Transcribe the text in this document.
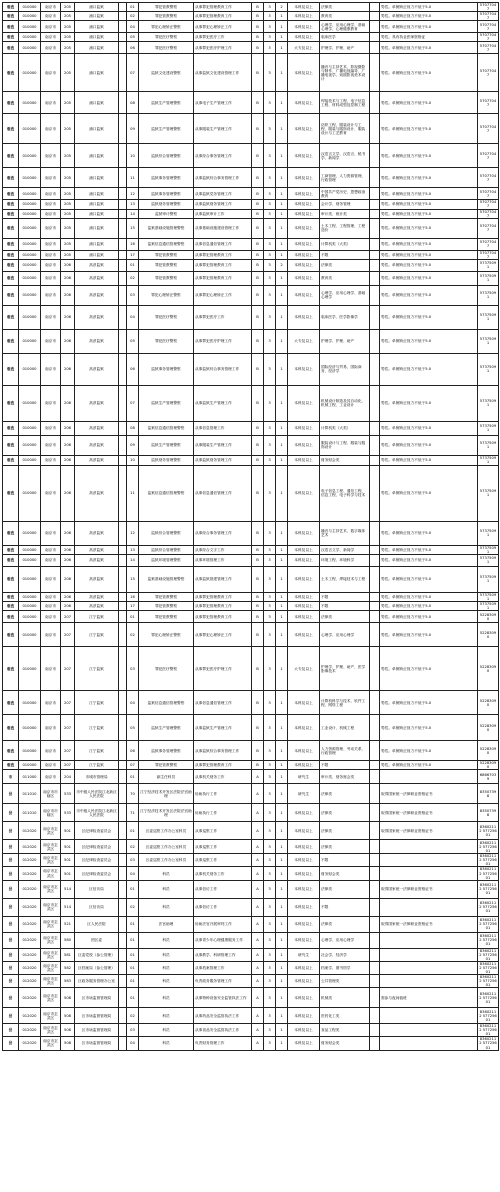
垂直	010000	南京市	205	浦口监狱		01	罪犯管教警察	从事罪犯管理教育工作	B	3	2	本科及以上	法律类		男性。单侧矫正视力不低于5.0	57077047
垂直	010000	南京市	205	浦口监狱		02	罪犯管教警察	从事罪犯管理教育工作	B	3	1	本科及以上	教育类		男性。单侧矫正视力不低于5.0	57077047
垂直	010000	南京市	205	浦口监狱		04	罪犯心理矫正警察	从事罪犯心理矫正工作	B	3	1	本科及以上	心理学、应用心理学、基础心理学、心理健康教育		男性。单侧矫正视力不低于5.0	57077047
垂直	010000	南京市	205	浦口监狱		05	罪犯医疗警察	从事罪犯医疗工作	B	3	1	本科及以上	临床医学		男性。具有执业医师资格证	57077047
垂直	010000	南京市	205	浦口监狱		06	罪犯医疗警察	从事罪犯医疗护理工作	B	3	1	大专及以上	护理学、护理、助产		男性。单侧矫正视力不低于5.0	57077047
垂直	010000	南京市	205	浦口监狱		07	监狱文化建设警察	从事监狱文化建设管理工作	B	3	1	本科及以上	播音与主持艺术、影视摄影与制作、广播电视编导、广播电视学、戏剧影视美术设计		男性。单侧矫正视力不低于5.0	57077047
垂直	010000	南京市	205	浦口监狱		08	监狱生产管理警察	从事电子生产管理工作	B	3	1	本科及以上	焊接技术与工程、电子信息工程、材料成型及控制工程		男性。单侧矫正视力不低于5.0	57077047
垂直	010000	南京市	205	浦口监狱		09	监狱生产管理警察	从事服装生产管理工作	B	3	1	本科及以上	纺织工程、服装设计与工程、服装与服饰设计、服装设计与工艺教育		男性。单侧矫正视力不低于5.0	57077047
垂直	010000	南京市	205	浦口监狱		10	监狱综合管理警察	从事综合事务管理工作	B	3	1	本科及以上	汉语言文学、汉语言、秘书学、新闻学		男性。单侧矫正视力不低于5.0	57077047
垂直	010000	南京市	205	浦口监狱		11	监狱事务管理警察	从事监狱综合事务管理工作	B	3	1	本科及以上	工商管理、人力资源管理、行政管理		男性。单侧矫正视力不低于5.0	57077047
垂直	010000	南京市	205	浦口监狱		12	监狱事务管理警察	从事监狱党务管理工作	B	3	1	本科及以上	中国共产党历史、思想政治教育		男性。单侧矫正视力不低于5.0	57077047
垂直	010000	南京市	205	浦口监狱		13	监狱财务管理警察	从事监狱财务管理工作	B	3	1	本科及以上	会计学、财务管理		男性。单侧矫正视力不低于5.0	57077047
垂直	010000	南京市	205	浦口监狱		14	监狱审计警察	从事监狱审计工作	B	3	1	本科及以上	审计类、统计类		男性。单侧矫正视力不低于5.0	57077047
垂直	010000	南京市	205	浦口监狱		15	监狱基础设施管理警察	从事基础设施建设管理工作	B	3	1	本科及以上	土木工程、工程管理、工程造价		男性。单侧矫正视力不低于5.0	57077047
垂直	010000	南京市	205	浦口监狱		16	监狱信息通信管理警察	从事信息通信管理工作	B	3	1	本科及以上	计算机类（大类）		男性。单侧矫正视力不低于5.0	57077047
垂直	010000	南京市	205	浦口监狱		17	罪犯管教警察	从事罪犯管理教育工作	B	3	1	本科及以上	不限		男性。单侧矫正视力不低于5.0	57077047
垂直	010000	南京市	206	高淳监狱		01	罪犯管教警察	从事罪犯管理教育工作	B	3	2	本科及以上	法律类		男性。单侧矫正视力不低于5.0	57375091
垂直	010000	南京市	206	高淳监狱		02	罪犯管教警察	从事罪犯管理教育工作	B	3	1	本科及以上	教育类		男性。单侧矫正视力不低于5.0	57375091
垂直	010000	南京市	206	高淳监狱		03	罪犯心理矫正警察	从事罪犯心理矫正工作	B	3	1	本科及以上	心理学、应用心理学、基础心理学		男性。单侧矫正视力不低于5.0	57375091
垂直	010000	南京市	206	高淳监狱		04	罪犯医疗警察	从事罪犯医疗工作	B	3	1	本科及以上	临床医学、医学影像学		男性。单侧矫正视力不低于5.0	57375091
垂直	010000	南京市	206	高淳监狱		05	罪犯医疗警察	从事罪犯医疗护理工作	B	3	1	大专及以上	护理学、护理、助产		男性。单侧矫正视力不低于5.0	57375091
垂直	010000	南京市	206	高淳监狱		06	监狱事务管理警察	从事监狱综合事务管理工作	B	3	1	本科及以上	国际经济与贸易、国际商务、经济学		男性。单侧矫正视力不低于5.0	57375091
垂直	010000	南京市	206	高淳监狱		07	监狱生产管理警察	从事监狱生产管理工作	B	3	1	本科及以上	机械设计制造及其自动化、机械工程、工业设计		男性。单侧矫正视力不低于5.0	57375091
垂直	010000	南京市	206	高淳监狱		08	监狱信息通信管理警察	从事信息管理工作	B	3	1	本科及以上	计算机类（大类）		男性。单侧矫正视力不低于5.0	57375091
垂直	010000	南京市	206	高淳监狱		09	监狱生产管理警察	从事服装生产管理工作	B	3	1	本科及以上	服装设计与工程、服装与服饰设计		男性。单侧矫正视力不低于5.0	57375091
垂直	010000	南京市	206	高淳监狱		10	监狱财务管理警察	从事监狱财务管理工作	B	3	1	本科及以上	财务财会类		男性。单侧矫正视力不低于5.0	57375091
垂直	010000	南京市	206	高淳监狱		11	监狱信息通信管理警察	从事信息通信管理工作	B	3	1	本科及以上	电子信息工程、通信工程、信息工程、电子科学与技术		男性。单侧矫正视力不低于5.0	57375091
垂直	010000	南京市	206	高淳监狱		12	监狱综合管理警察	从事综合事务管理工作	B	3	1	本科及以上	播音与主持艺术、数字媒体艺术		男性。单侧矫正视力不低于5.0	57375091
垂直	010000	南京市	206	高淳监狱		13	监狱综合管理警察	从事综合文字工作	B	3	1	本科及以上	汉语言文学、新闻学		男性。单侧矫正视力不低于5.0	57375091
垂直	010000	南京市	206	高淳监狱		14	监狱环境管理警察	从事环境管理工作	B	3	1	本科及以上	环境工程、环境科学		男性。单侧矫正视力不低于5.0	57375091
垂直	010000	南京市	206	高淳监狱		15	监狱基础设施管理警察	从事监狱基建管理工作	B	3	1	本科及以上	土木工程、焊接技术与工程		男性。单侧矫正视力不低于5.0	57375091
垂直	010000	南京市	206	高淳监狱		16	罪犯管教警察	从事罪犯管理教育工作	B	3	1	本科及以上	不限		男性。单侧矫正视力不低于5.0	57375091
垂直	010000	南京市	206	高淳监狱		17	罪犯管教警察	从事罪犯管理教育工作	B	3	1	本科及以上	不限		男性。单侧矫正视力不低于5.0	57375091
垂直	010000	南京市	207	江宁监狱		01	罪犯管教警察	从事罪犯管理教育工作	B	3	1	本科及以上	法律类		男性。单侧矫正视力不低于5.0	52283090
垂直	010000	南京市	207	江宁监狱		02	罪犯心理矫正警察	从事罪犯心理矫正工作	B	3	1	本科及以上	心理学、应用心理学		男性。单侧矫正视力不低于5.0	52283090
垂直	010000	南京市	207	江宁监狱		03	罪犯医疗警察	从事罪犯医疗护理工作	B	3	1	大专及以上	护理学、护理、助产、医学影像技术		男性。单侧矫正视力不低于5.0	52283090
垂直	010000	南京市	207	江宁监狱		04	监狱信息通信管理警察	从事信息通信管理工作	B	3	1	本科及以上	计算机科学与技术、软件工程、网络工程		男性。单侧矫正视力不低于5.0	52283090
垂直	010000	南京市	207	江宁监狱		05	监狱生产管理警察	从事监狱生产管理工作	B	3	1	本科及以上	工业设计、机械工程		男性。单侧矫正视力不低于5.0	52283090
垂直	010000	南京市	207	江宁监狱		06	监狱事务管理警察	从事监狱综合事务管理工作	B	3	1	本科及以上	人力资源管理、劳动关系、行政管理		男性。单侧矫正视力不低于5.0	52283090
垂直	010000	南京市	207	江宁监狱		07	罪犯管教警察	从事罪犯管理教育工作	B	3	1	本科及以上	不限		男性。单侧矫正视力不低于5.0	52283090
市	011000	南京市	204	市城市管理局		01	副主任科员	从事机关财务工作	A	3	1	研究生	审计类、财务财会类			68667039
县	011010	南京市市辖区	533	市中级人民法院江北新区人民法院		70	江宁经济技术开发区法院法官助理	协助执行工作	A	3	1	研究生	法律类		取得国家统一法律职业资格证书	83507398
县	011010	南京市市辖区	533	市中级人民法院江北新区人民法院		71	江宁经济技术开发区法院法官助理	协助执行工作	A	3	1	本科及以上	法律类		取得国家统一法律职业资格证书	83507398
县	012020	南京市玄武区	501	区纪律检查委员会		01	区委巡察工作办公室科员	从事巡察工作	A	3	1	本科及以上	法律类		取得国家统一法律职业资格证书	83602112 57725601
县	012020	南京市玄武区	501	区纪律检查委员会		02	区委巡察工作办公室科员	从事巡察工作	A	3	1	本科及以上	法律类			83602112 57725601
县	012020	南京市玄武区	501	区纪律检查委员会		03	区委巡察工作办公室科员	从事巡察工作	A	3	1	本科及以上	不限			83602112 57725601
县	012020	南京市玄武区	501	区纪律检查委员会		04	科员	从事机关财务工作	A	3	1	本科及以上	财务财会类			83602112 57725601
县	012020	南京市玄武区	514	区信访局		01	科员	从事信访工作	A	3	1	本科及以上	法律类		取得国家统一法律职业资格证书	83602112 57725601
县	012020	南京市玄武区	514	区信访局		02	科员	从事信访工作	A	3	1	本科及以上	不限			83602112 57725601
县	012020	南京市玄武区	521	区人民法院		01	法官助理	协助法官开展审判工作	A	3	1	本科及以上	法律类		取得国家统一法律职业资格证书	83602112 57725601
县	012020	南京市玄武区	580	团区委		01	科员	从事青少年心理健康服务工作	A	3	1	本科及以上	心理学、应用心理学			83602112 57725601
县	012020	南京市玄武区	581	区委党校（参公管理）		01	科员	从事教学、科研管理工作	A	3	1	研究生	社会学、经济学			83602112 57725601
县	012020	南京市玄武区	582	区档案局（参公管理）		01	科员	从事档案管理工作	A	3	1	本科及以上	档案学、图书馆学			83602112 57725601
县	012020	南京市玄武区	583	区政务服务管理办公室		01	科员	负责政务服务管理工作	A	3	1	本科及以上	公共管理类			83602112 57725601
县	012020	南京市玄武区	508	区市场监督管理局		01	科员	从事特种设备安全监管执法工作	A	3	1	本科及以上	机械类		需参与夜间值班	83602112 57725601
县	012020	南京市玄武区	508	区市场监督管理局		02	科员	从事药品安全监管执法工作	A	3	1	本科及以上	医药化工类			83602112 57725601
县	012020	南京市玄武区	508	区市场监督管理局		03	科员	从事食品安全监管执法工作	A	3	1	本科及以上	食品工程类			83602112 57725601
县	012020	南京市玄武区	508	区市场监督管理局		04	科员	负责财务管理工作	A	3	1	本科及以上	财务财会类			83602112 57725601
